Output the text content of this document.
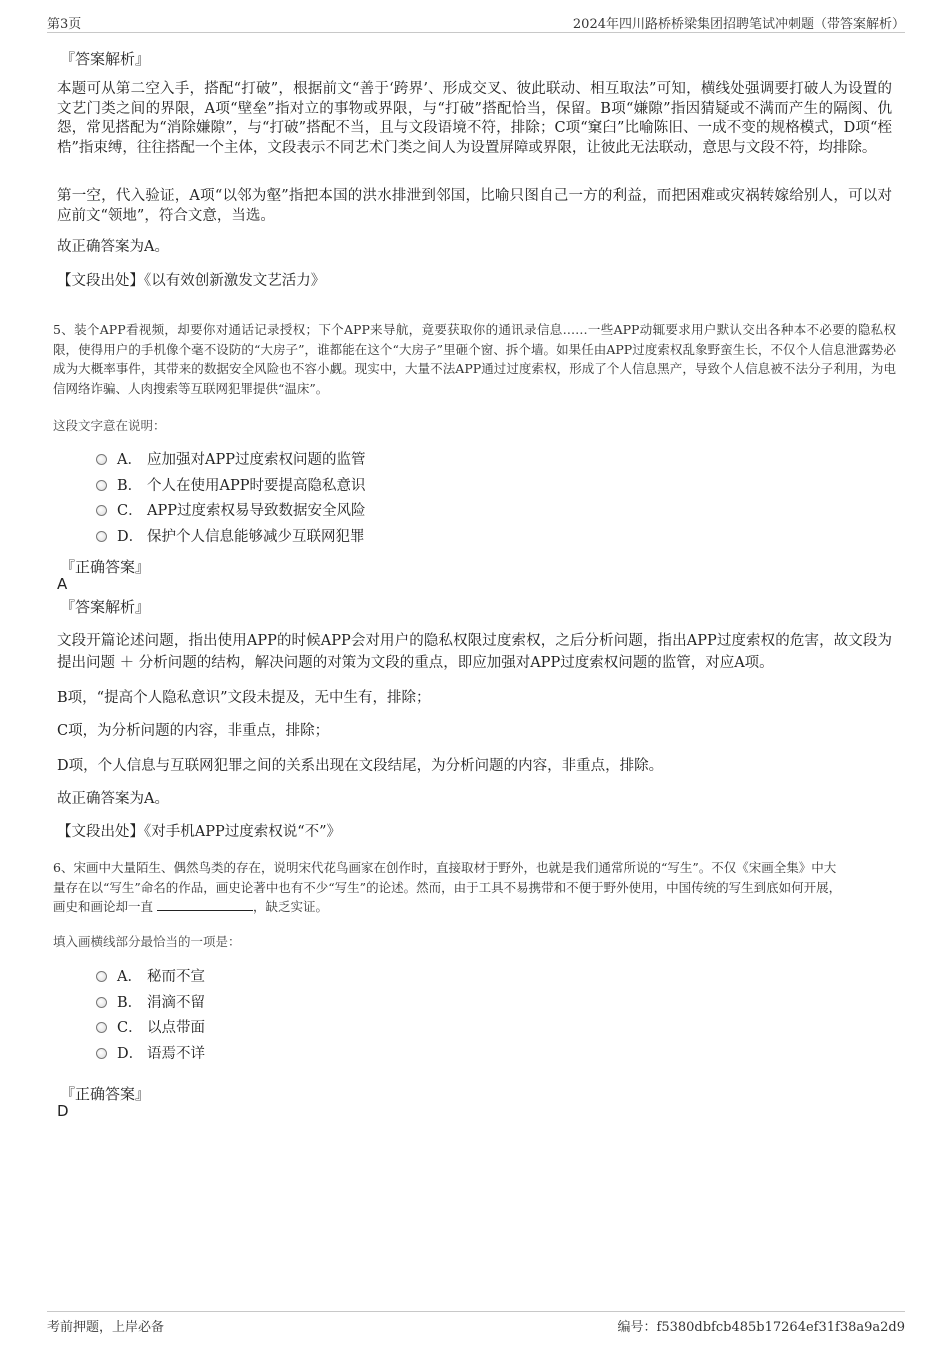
第3页	2024年四川路桥桥梁集团招聘笔试冲刺题（带答案解析）
『答案解析』
本题可从第二空入手，搭配“打破”，根据前文“善于‘跨界’、形成交叉、彼此联动、相互取法”可知，横线处强调要打破人为设置的文艺门类之间的界限，A项“壁垒”指对立的事物或界限，与“打破”搭配恰当，保留。B项“嫌隙”指因猜疑或不满而产生的隔阂、仇怨，常见搭配为“消除嫌隙”，与“打破”搭配不当，且与文段语境不符，排除；C项“窠臼”比喻陈旧、一成不变的规格模式，D项“桎梏”指束缚，往往搭配一个主体，文段表示不同艺术门类之间人为设置屏障或界限，让彼此无法联动，意思与文段不符，均排除。
第一空，代入验证，A项“以邻为壑”指把本国的洪水排泄到邻国，比喻只图自己一方的利益，而把困难或灾祸转嫁给别人，可以对应前文“领地”，符合文意，当选。
故正确答案为A。
【文段出处】《以有效创新激发文艺活力》
5、装个APP看视频，却要你对通话记录授权；下个APP来导航，竟要获取你的通讯录信息……一些APP动辄要求用户默认交出各种本不必要的隐私权限，使得用户的手机像个毫不设防的“大房子”，谁都能在这个“大房子”里砸个窗、拆个墙。如果任由APP过度索权乱象野蛮生长，不仅个人信息泄露势必成为大概率事件，其带来的数据安全风险也不容小觑。现实中，大量不法APP通过过度索权，形成了个人信息黑产，导致个人信息被不法分子利用，为电信网络诈骗、人肉搜索等互联网犯罪提供“温床”。
这段文字意在说明：
A． 应加强对APP过度索权问题的监管
B． 个人在使用APP时要提高隐私意识
C． APP过度索权易导致数据安全风险
D． 保护个人信息能够减少互联网犯罪
『正确答案』
A
『答案解析』
文段开篇论述问题，指出使用APP的时候APP会对用户的隐私权限过度索权，之后分析问题，指出APP过度索权的危害，故文段为提出问题 ＋ 分析问题的结构，解决问题的对策为文段的重点，即应加强对APP过度索权问题的监管，对应A项。
B项，“提高个人隐私意识”文段未提及，无中生有，排除；
C项，为分析问题的内容，非重点，排除；
D项，个人信息与互联网犯罪之间的关系出现在文段结尾，为分析问题的内容，非重点，排除。
故正确答案为A。
【文段出处】《对手机APP过度索权说“不”》
6、宋画中大量陌生、偶然鸟类的存在，说明宋代花鸟画家在创作时，直接取材于野外，也就是我们通常所说的“写生”。不仅《宋画全集》中大
量存在以“写生”命名的作品，画史论著中也有不少“写生”的论述。然而，由于工具不易携带和不便于野外使用，中国传统的写生到底如何开展，
画史和画论却一直	，缺乏实证。
填入画横线部分最恰当的一项是：
A． 秘而不宣
B． 涓滴不留
C． 以点带面
D． 语焉不详
『正确答案』
D
考前押题，上岸必备	编号：f5380dbfcb485b17264ef31f38a9a2d9
